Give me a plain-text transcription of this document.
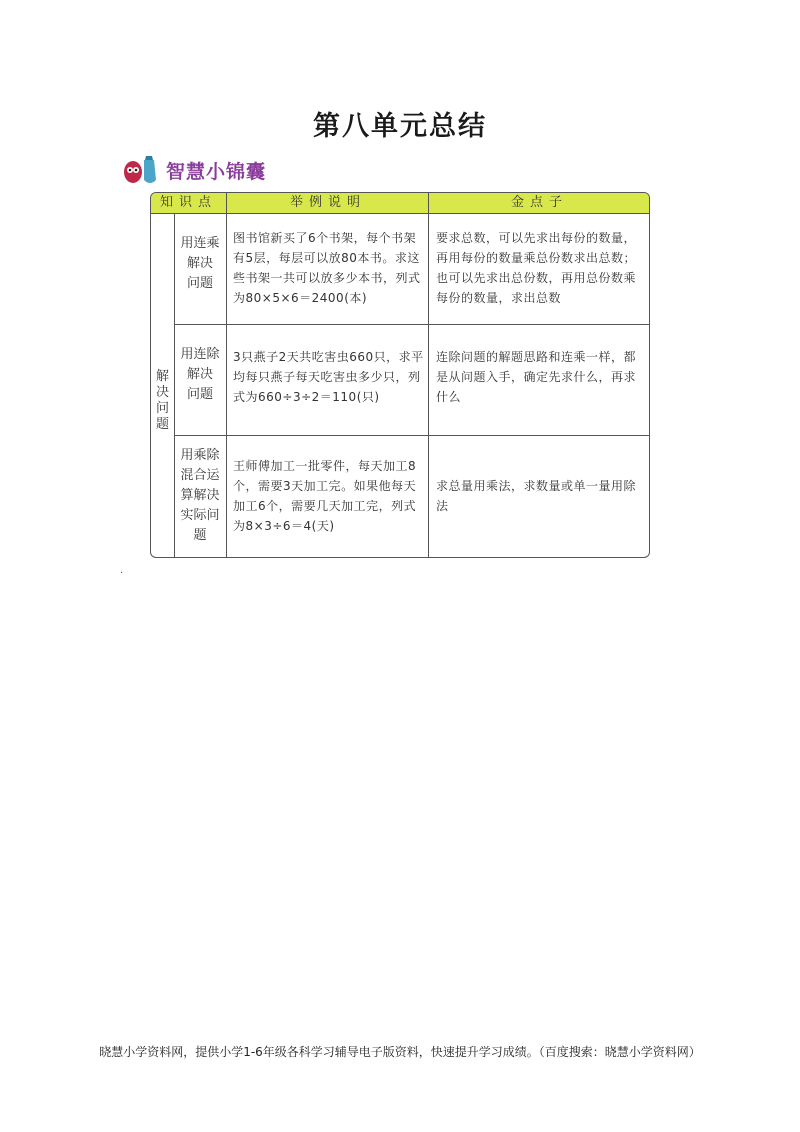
第八单元总结
智慧小锦囊
知识点	举例说明	金点子
解
决
问
题
用连乘
解决
问题
图书馆新买了6个书架，每个书架有5层，每层可以放80本书。求这些书架一共可以放多少本书，列式为80×5×6＝2400(本)
要求总数，可以先求出每份的数量，再用每份的数量乘总份数求出总数；也可以先求出总份数，再用总份数乘每份的数量，求出总数
用连除
解决
问题
3只燕子2天共吃害虫660只，求平均每只燕子每天吃害虫多少只，列式为660÷3÷2＝110(只)
连除问题的解题思路和连乘一样，都是从问题入手，确定先求什么，再求什么
用乘除
混合运
算解决
实际问
题
王师傅加工一批零件，每天加工8个，需要3天加工完。如果他每天加工6个，需要几天加工完，列式为8×3÷6＝4(天)
求总量用乘法，求数量或单一量用除法
.
晓慧小学资料网，提供小学1-6年级各科学习辅导电子版资料，快速提升学习成绩。（百度搜索：晓慧小学资料网）
